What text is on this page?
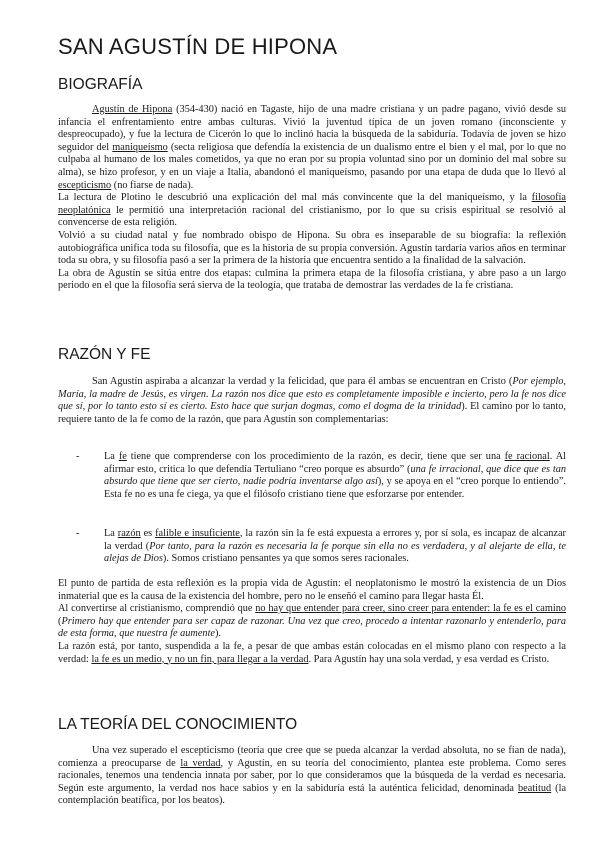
SAN AGUSTÍN DE HIPONA
BIOGRAFÍA

Agustín de Hipona (354-430) nació en Tagaste, hijo de una madre cristiana y un padre pagano, vivió desde su infancia el enfrentamiento entre ambas culturas. Vivió la juventud típica de un joven romano (inconsciente y despreocupado), y fue la lectura de Cicerón lo que lo inclinó hacia la búsqueda de la sabiduría. Todavía de joven se hizo seguidor del maniqueísmo (secta religiosa que defendía la existencia de un dualismo entre el bien y el mal, por lo que no culpaba al humano de los males cometidos, ya que no eran por su propia voluntad sino por un dominio del mal sobre su alma), se hizo profesor, y en un viaje a Italia, abandonó el maniqueísmo, pasando por una etapa de duda que lo llevó al escepticismo (no fiarse de nada).

La lectura de Plotino le descubrió una explicación del mal más convincente que la del maniqueísmo, y la filosofía neoplatónica le permitió una interpretación racional del cristianismo, por lo que su crisis espiritual se resolvió al convencerse de esta religión.

Volvió a su ciudad natal y fue nombrado obispo de Hipona. Su obra es inseparable de su biografía: la reflexión autobiográfica unifica toda su filosofía, que es la historia de su propia conversión. Agustín tardaría varios años en terminar toda su obra, y su filosofía pasó a ser la primera de la historia que encuentra sentido a la finalidad de la salvación.

La obra de Agustín se sitúa entre dos etapas: culmina la primera etapa de la filosofía cristiana, y abre paso a un largo periodo en el que la filosofía será sierva de la teología, que trataba de demostrar las verdades de la fe cristiana.

RAZÓN Y FE

San Agustín aspiraba a alcanzar la verdad y la felicidad, que para él ambas se encuentran en Cristo (Por ejemplo, María, la madre de Jesús, es virgen. La razón nos dice que esto es completamente imposible e incierto, pero la fe nos dice que sí, por lo tanto esto sí es cierto. Esto hace que surjan dogmas, como el dogma de la trinidad). El camino por lo tanto, requiere tanto de la fe como de la razón, que para Agustín son complementarias:

- La fe tiene que comprenderse con los procedimiento de la razón, es decir, tiene que ser una fe racional. Al afirmar esto, critica lo que defendía Tertuliano “creo porque es absurdo” (una fe irracional, que dice que es tan absurdo que tiene que ser cierto, nadie podría inventarse algo así), y se apoya en el “creo porque lo entiendo”. Esta fe no es una fe ciega, ya que el filósofo cristiano tiene que esforzarse por entender.

- La razón es falible e insuficiente, la razón sin la fe está expuesta a errores y, por sí sola, es incapaz de alcanzar la verdad (Por tanto, para la razón es necesaria la fe porque sin ella no es verdadera, y al alejarte de ella, te alejas de Dios). Somos cristiano pensantes ya que somos seres racionales.

El punto de partida de esta reflexión es la propia vida de Agustín: el neoplatonismo le mostró la existencia de un Dios inmaterial que es la causa de la existencia del hombre, pero no le enseñó el camino para llegar hasta Él.

Al convertirse al cristianismo, comprendió que no hay que entender para creer, sino creer para entender: la fe es el camino (Primero hay que entender para ser capaz de razonar. Una vez que creo, procedo a intentar razonarlo y entenderlo, para de esta forma, que nuestra fe aumente).

La razón está, por tanto, suspendida a la fe, a pesar de que ambas están colocadas en el mismo plano con respecto a la verdad: la fe es un medio, y no un fin, para llegar a la verdad. Para Agustín hay una sola verdad, y esa verdad es Cristo.

LA TEORÍA DEL CONOCIMIENTO

Una vez superado el escepticismo (teoría que cree que se pueda alcanzar la verdad absoluta, no se fían de nada), comienza a preocuparse de la verdad, y Agustín, en su teoría del conocimiento, plantea este problema. Como seres racionales, tenemos una tendencia innata por saber, por lo que consideramos que la búsqueda de la verdad es necesaria. Según este argumento, la verdad nos hace sabios y en la sabiduría está la auténtica felicidad, denominada beatitud (la contemplación beatífica, por los beatos).
